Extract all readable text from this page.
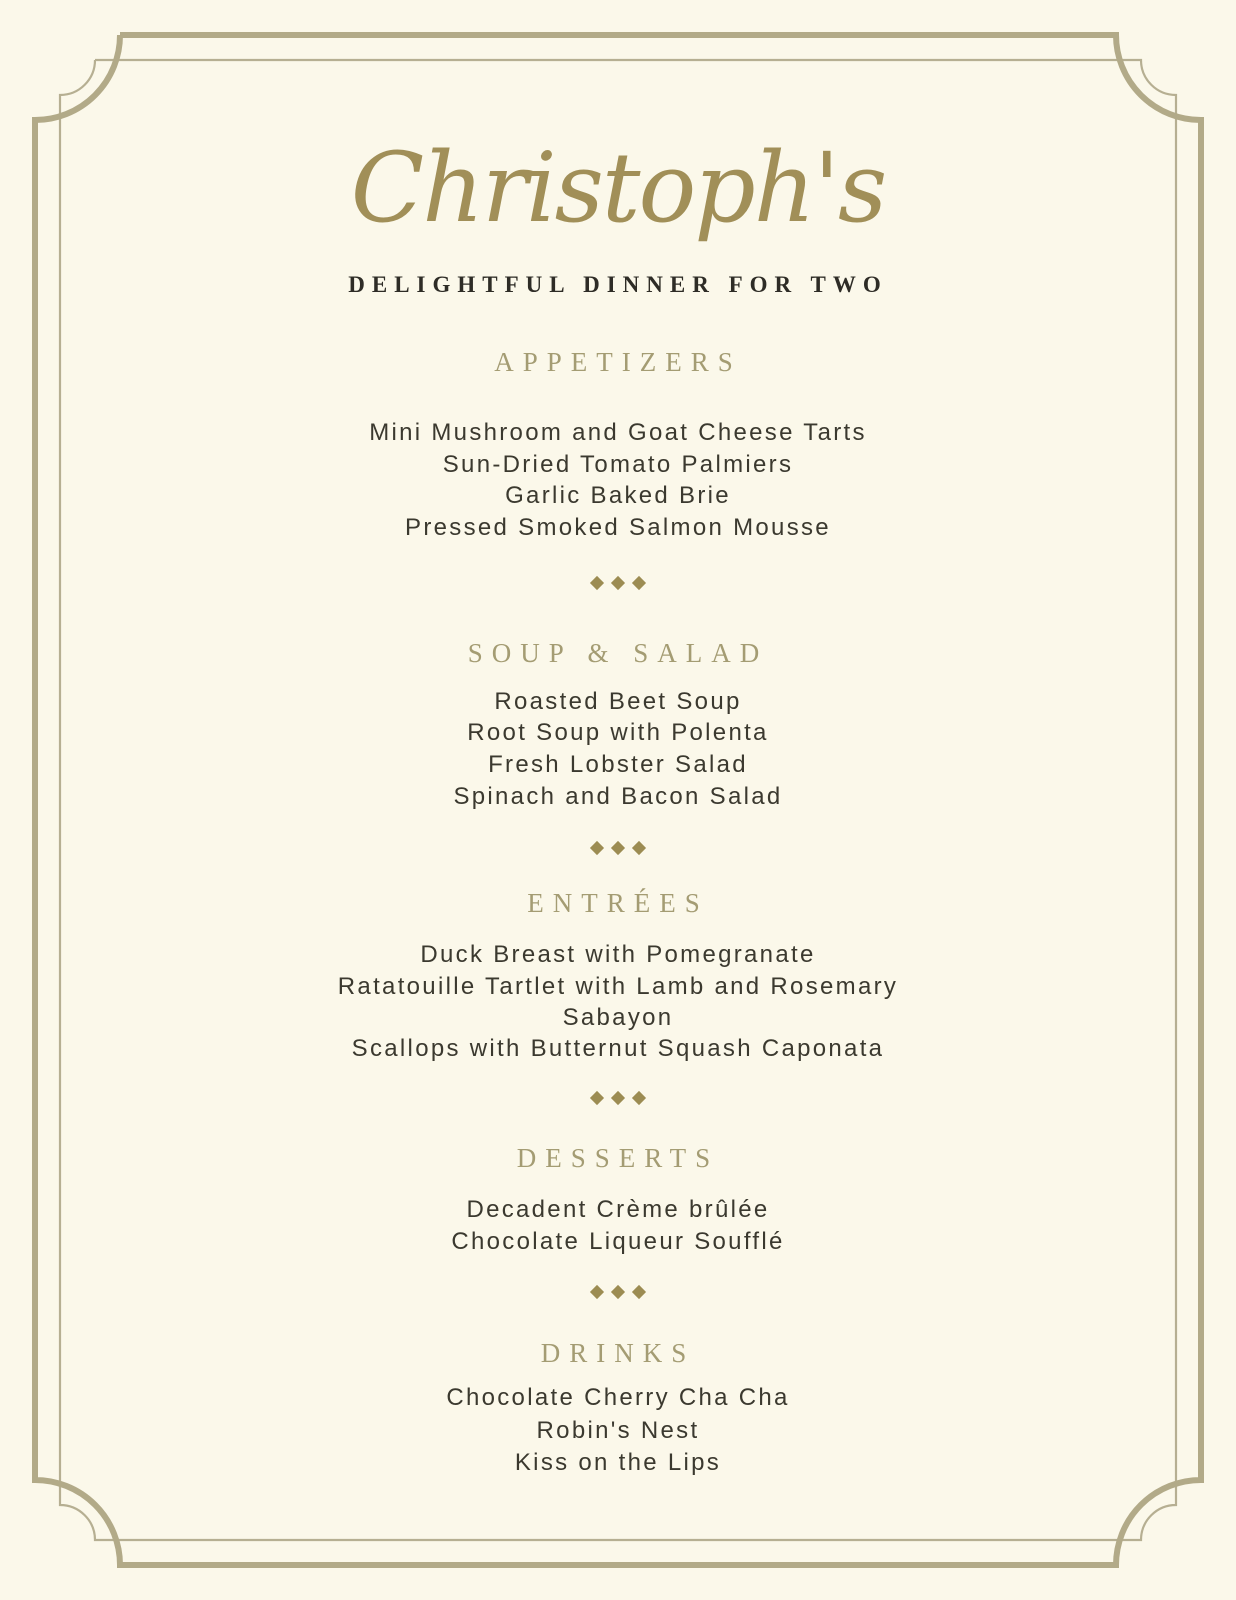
Christoph's
DELIGHTFUL DINNER FOR TWO
APPETIZERS
Mini Mushroom and Goat Cheese Tarts
Sun-Dried Tomato Palmiers
Garlic Baked Brie
Pressed Smoked Salmon Mousse
SOUP & SALAD
Roasted Beet Soup
Root Soup with Polenta
Fresh Lobster Salad
Spinach and Bacon Salad
ENTRÉES
Duck Breast with Pomegranate
Ratatouille Tartlet with Lamb and Rosemary
Sabayon
Scallops with Butternut Squash Caponata
DESSERTS
Decadent Crème brûlée
Chocolate Liqueur Soufflé
DRINKS
Chocolate Cherry Cha Cha
Robin's Nest
Kiss on the Lips
